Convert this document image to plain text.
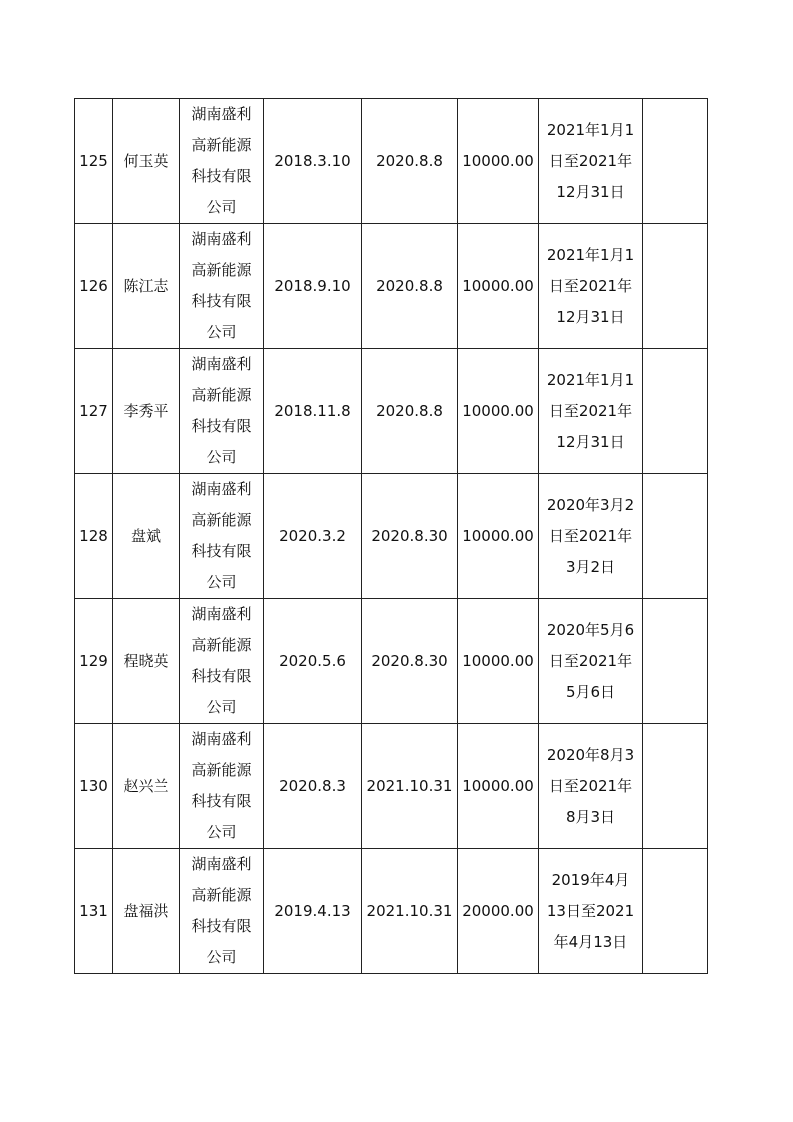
125	何玉英	湖南盛利
高新能源
科技有限
公司	2018.3.10	2020.8.8	10000.00	2021年1月1
日至2021年
12月31日	

126	陈江志	湖南盛利
高新能源
科技有限
公司	2018.9.10	2020.8.8	10000.00	2021年1月1
日至2021年
12月31日	

127	李秀平	湖南盛利
高新能源
科技有限
公司	2018.11.8	2020.8.8	10000.00	2021年1月1
日至2021年
12月31日	

128	盘斌	湖南盛利
高新能源
科技有限
公司	2020.3.2	2020.8.30	10000.00	2020年3月2
日至2021年
3月2日	

129	程晓英	湖南盛利
高新能源
科技有限
公司	2020.5.6	2020.8.30	10000.00	2020年5月6
日至2021年
5月6日	

130	赵兴兰	湖南盛利
高新能源
科技有限
公司	2020.8.3	2021.10.31	10000.00	2020年8月3
日至2021年
8月3日	

131	盘福洪	湖南盛利
高新能源
科技有限
公司	2019.4.13	2021.10.31	20000.00	2019年4月
13日至2021
年4月13日	
